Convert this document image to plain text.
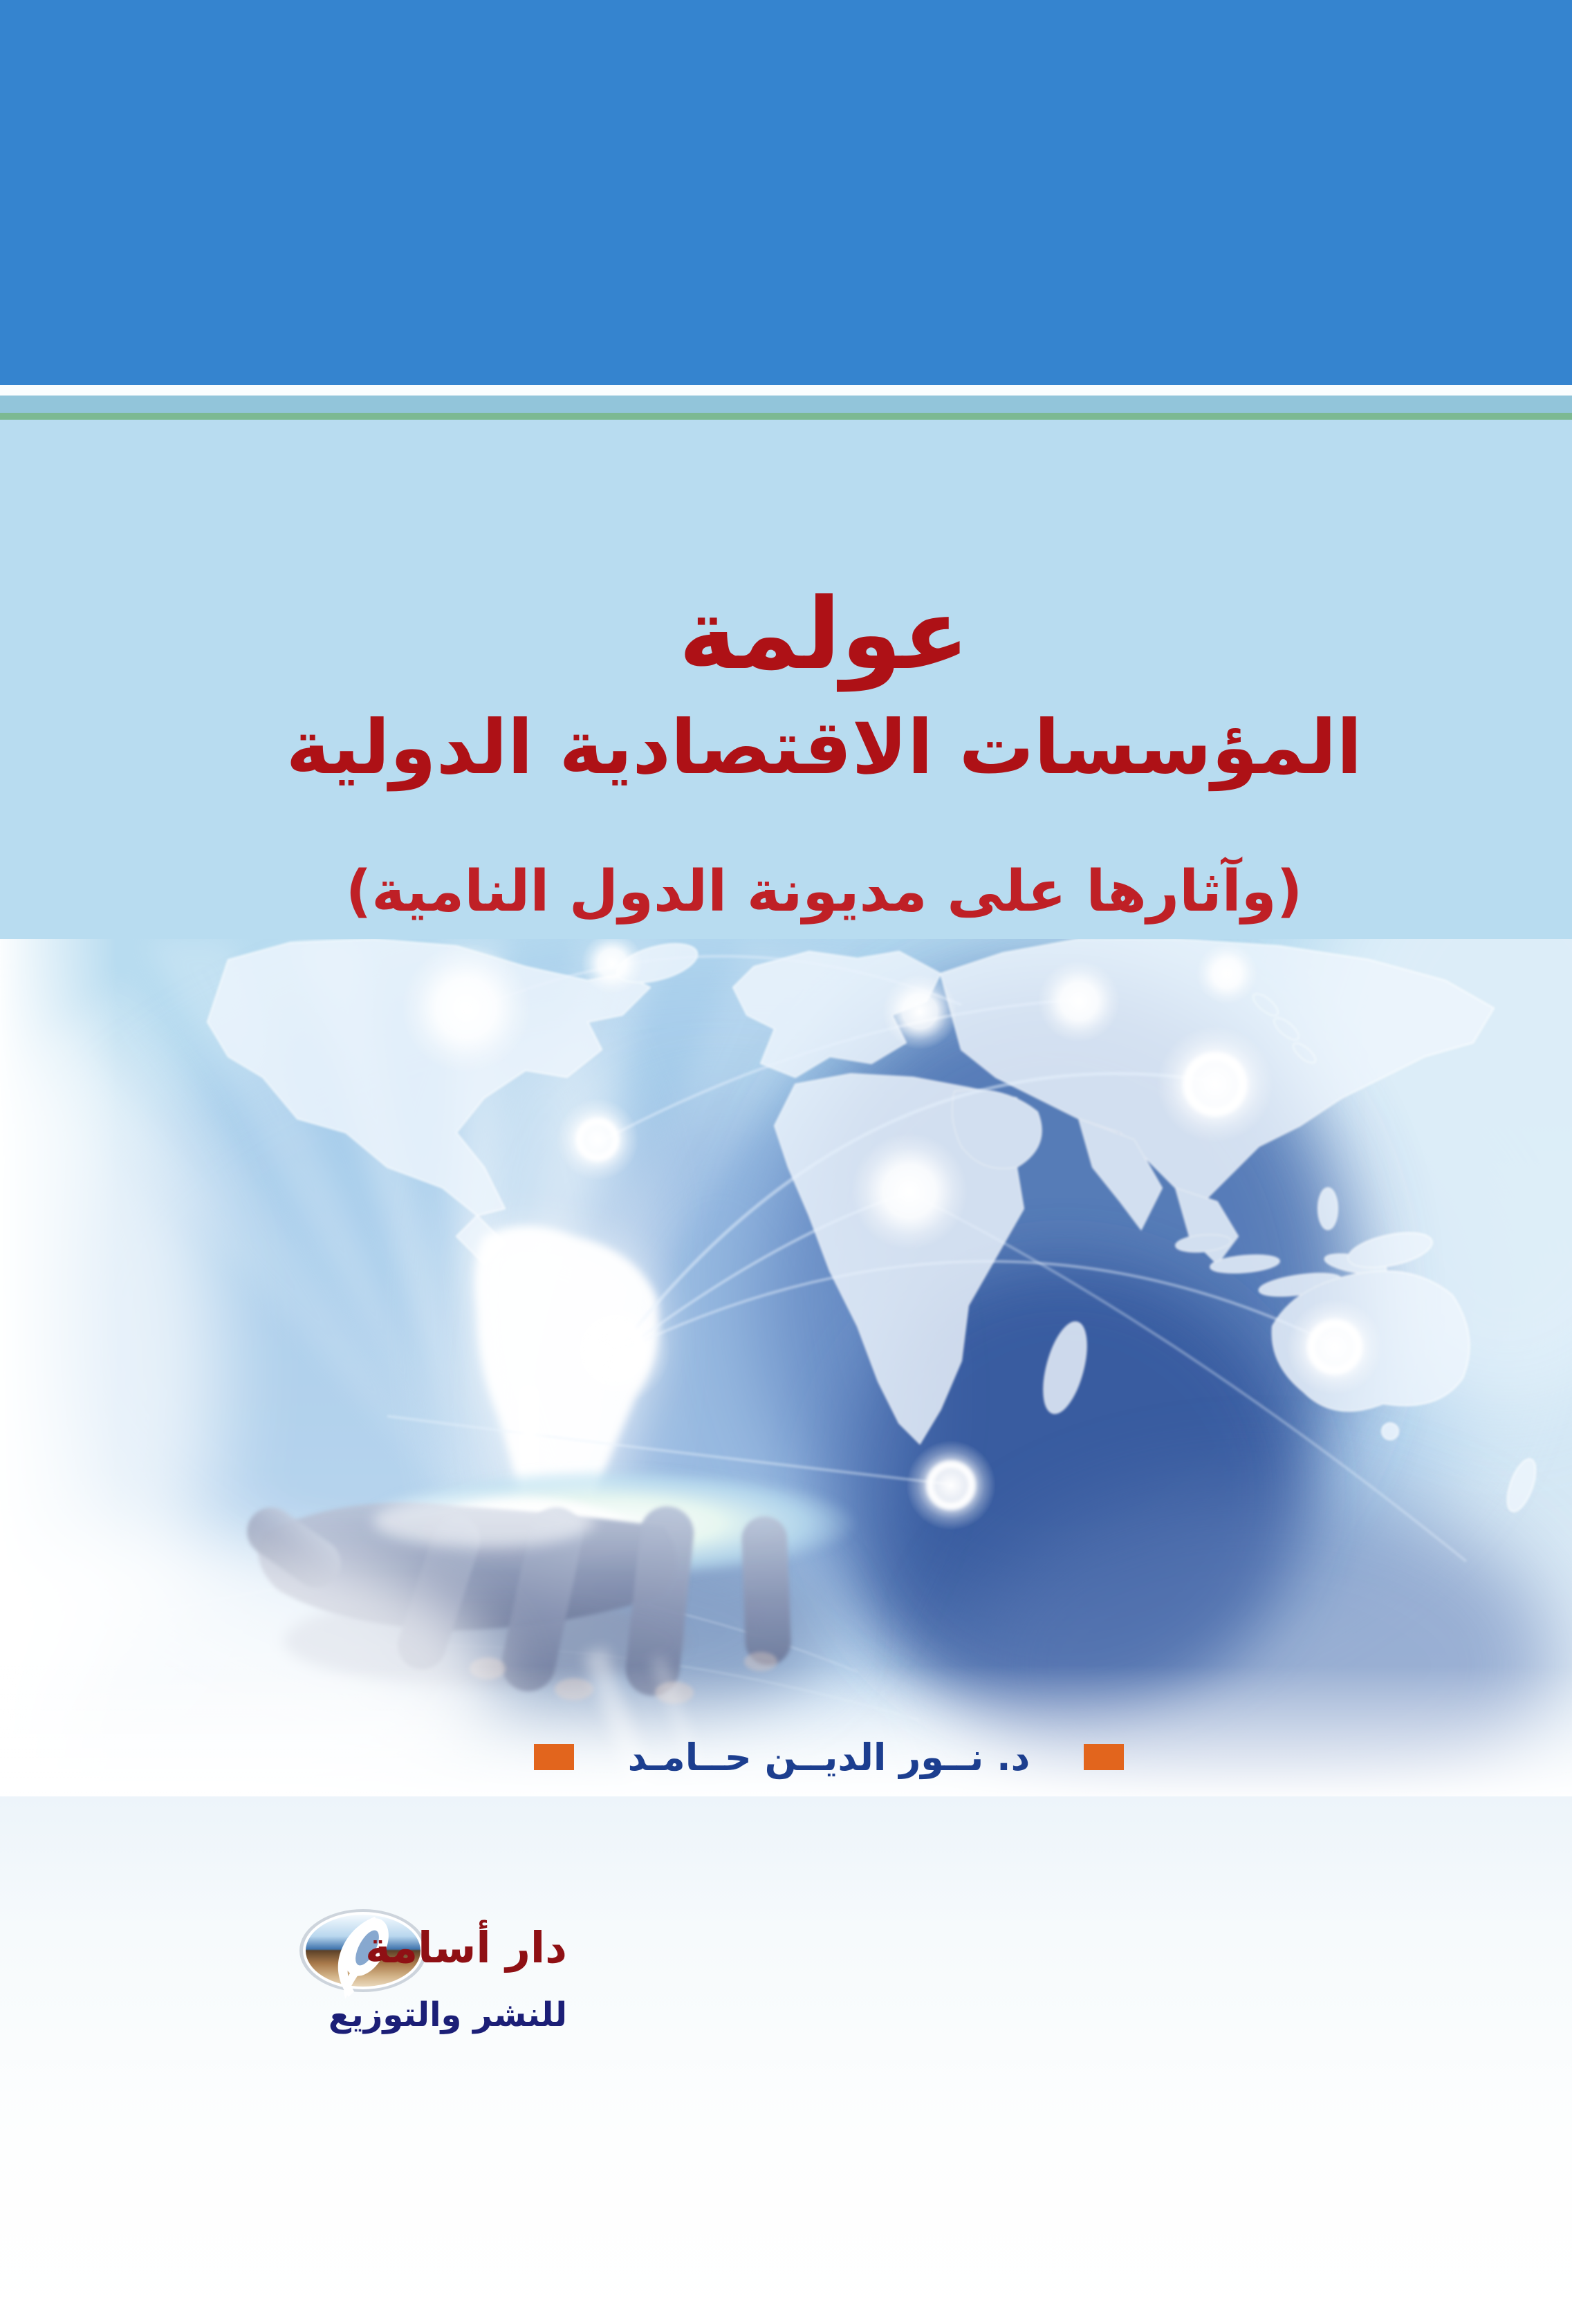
عولمة
المؤسسات الاقتصادية الدولية
(وآثارها على مديونة الدول النامية)
د. نــور الديــن حــامـد
دار أسامة
للنشر والتوزيع
